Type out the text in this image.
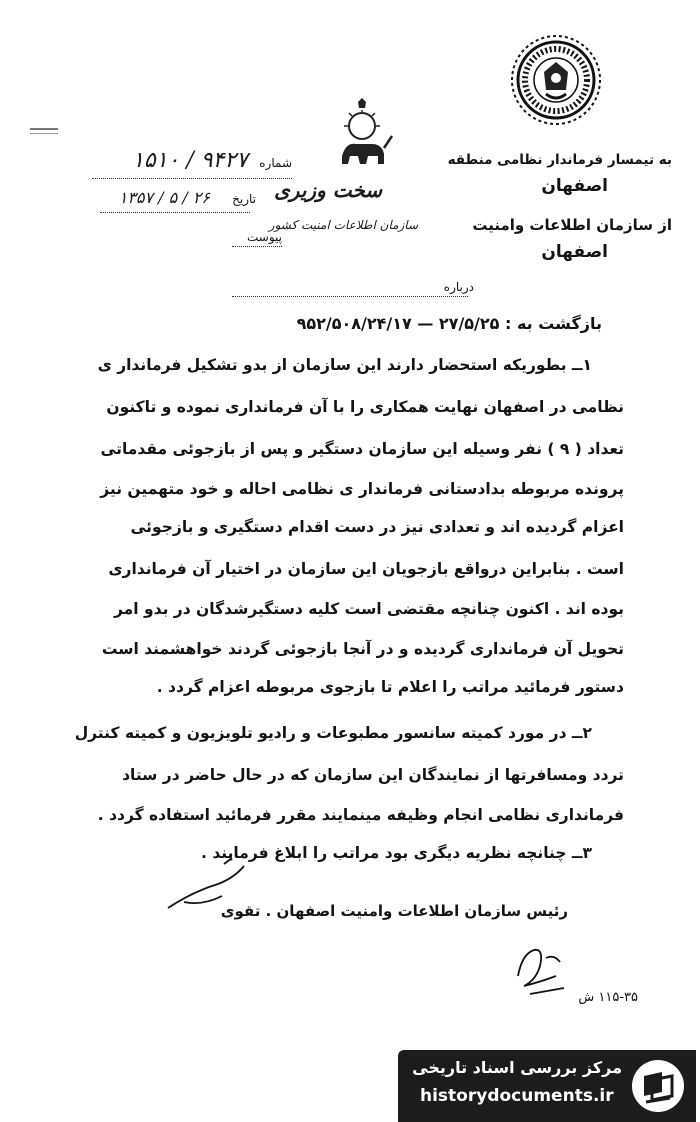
به تیمسار فرماندار نظامی منطقه
اصفهان
از سازمان اطلاعات وامنیت
اصفهان
سخت وزیری
سازمان اطلاعات امنیت کشور
شماره
۹۴۲۷ / ۱۵۱۰
تاریخ
۲۶ / ۵ / ۱۳۵۷
پیوست
درباره
بازگشت به : ۲۷/۵/۲۵ — ۹۵۲/۵۰۸/۲۴/۱۷
۱ــ بطوریکه استحضار دارند این سازمان از بدو تشکیل فرماندار ی
نظامی در اصفهان نهایت همکاری را با آن فرمانداری نموده و تاکنون
تعداد ( ۹ ) نفر وسیله این سازمان دستگیر و پس از بازجوئی مقدماتی
پرونده مربوطه بدادستانی فرماندار ی نظامی احاله و خود متهمین نیز
اعزام گردیده اند و تعدادی نیز در دست اقدام دستگیری و بازجوئی
است . بنابراین درواقع بازجویان این سازمان در اختیار آن فرمانداری
بوده اند . اکنون چنانچه مقتضی است کلیه دستگیرشدگان در بدو امر
تحویل آن فرمانداری گردیده و در آنجا بازجوئی گردند خواهشمند است
دستور فرمائید مراتب را اعلام تا بازجوی مربوطه اعزام گردد .
۲ــ در مورد کمیته سانسور مطبوعات و رادیو تلویزیون و کمیته کنترل
تردد ومسافرتها از نمایندگان این سازمان که در حال حاضر در ستاد
فرمانداری نظامی انجام وظیفه مینمایند مقرر فرمائید استفاده گردد .
۳ــ چنانچه نظریه دیگری بود مراتب را ابلاغ فرمایند .
رئیس سازمان اطلاعات وامنیت اصفهان . تقوی
۱۱۵-۳۵ ش
مرکز بررسی اسناد تاریخی
historydocuments.ir
